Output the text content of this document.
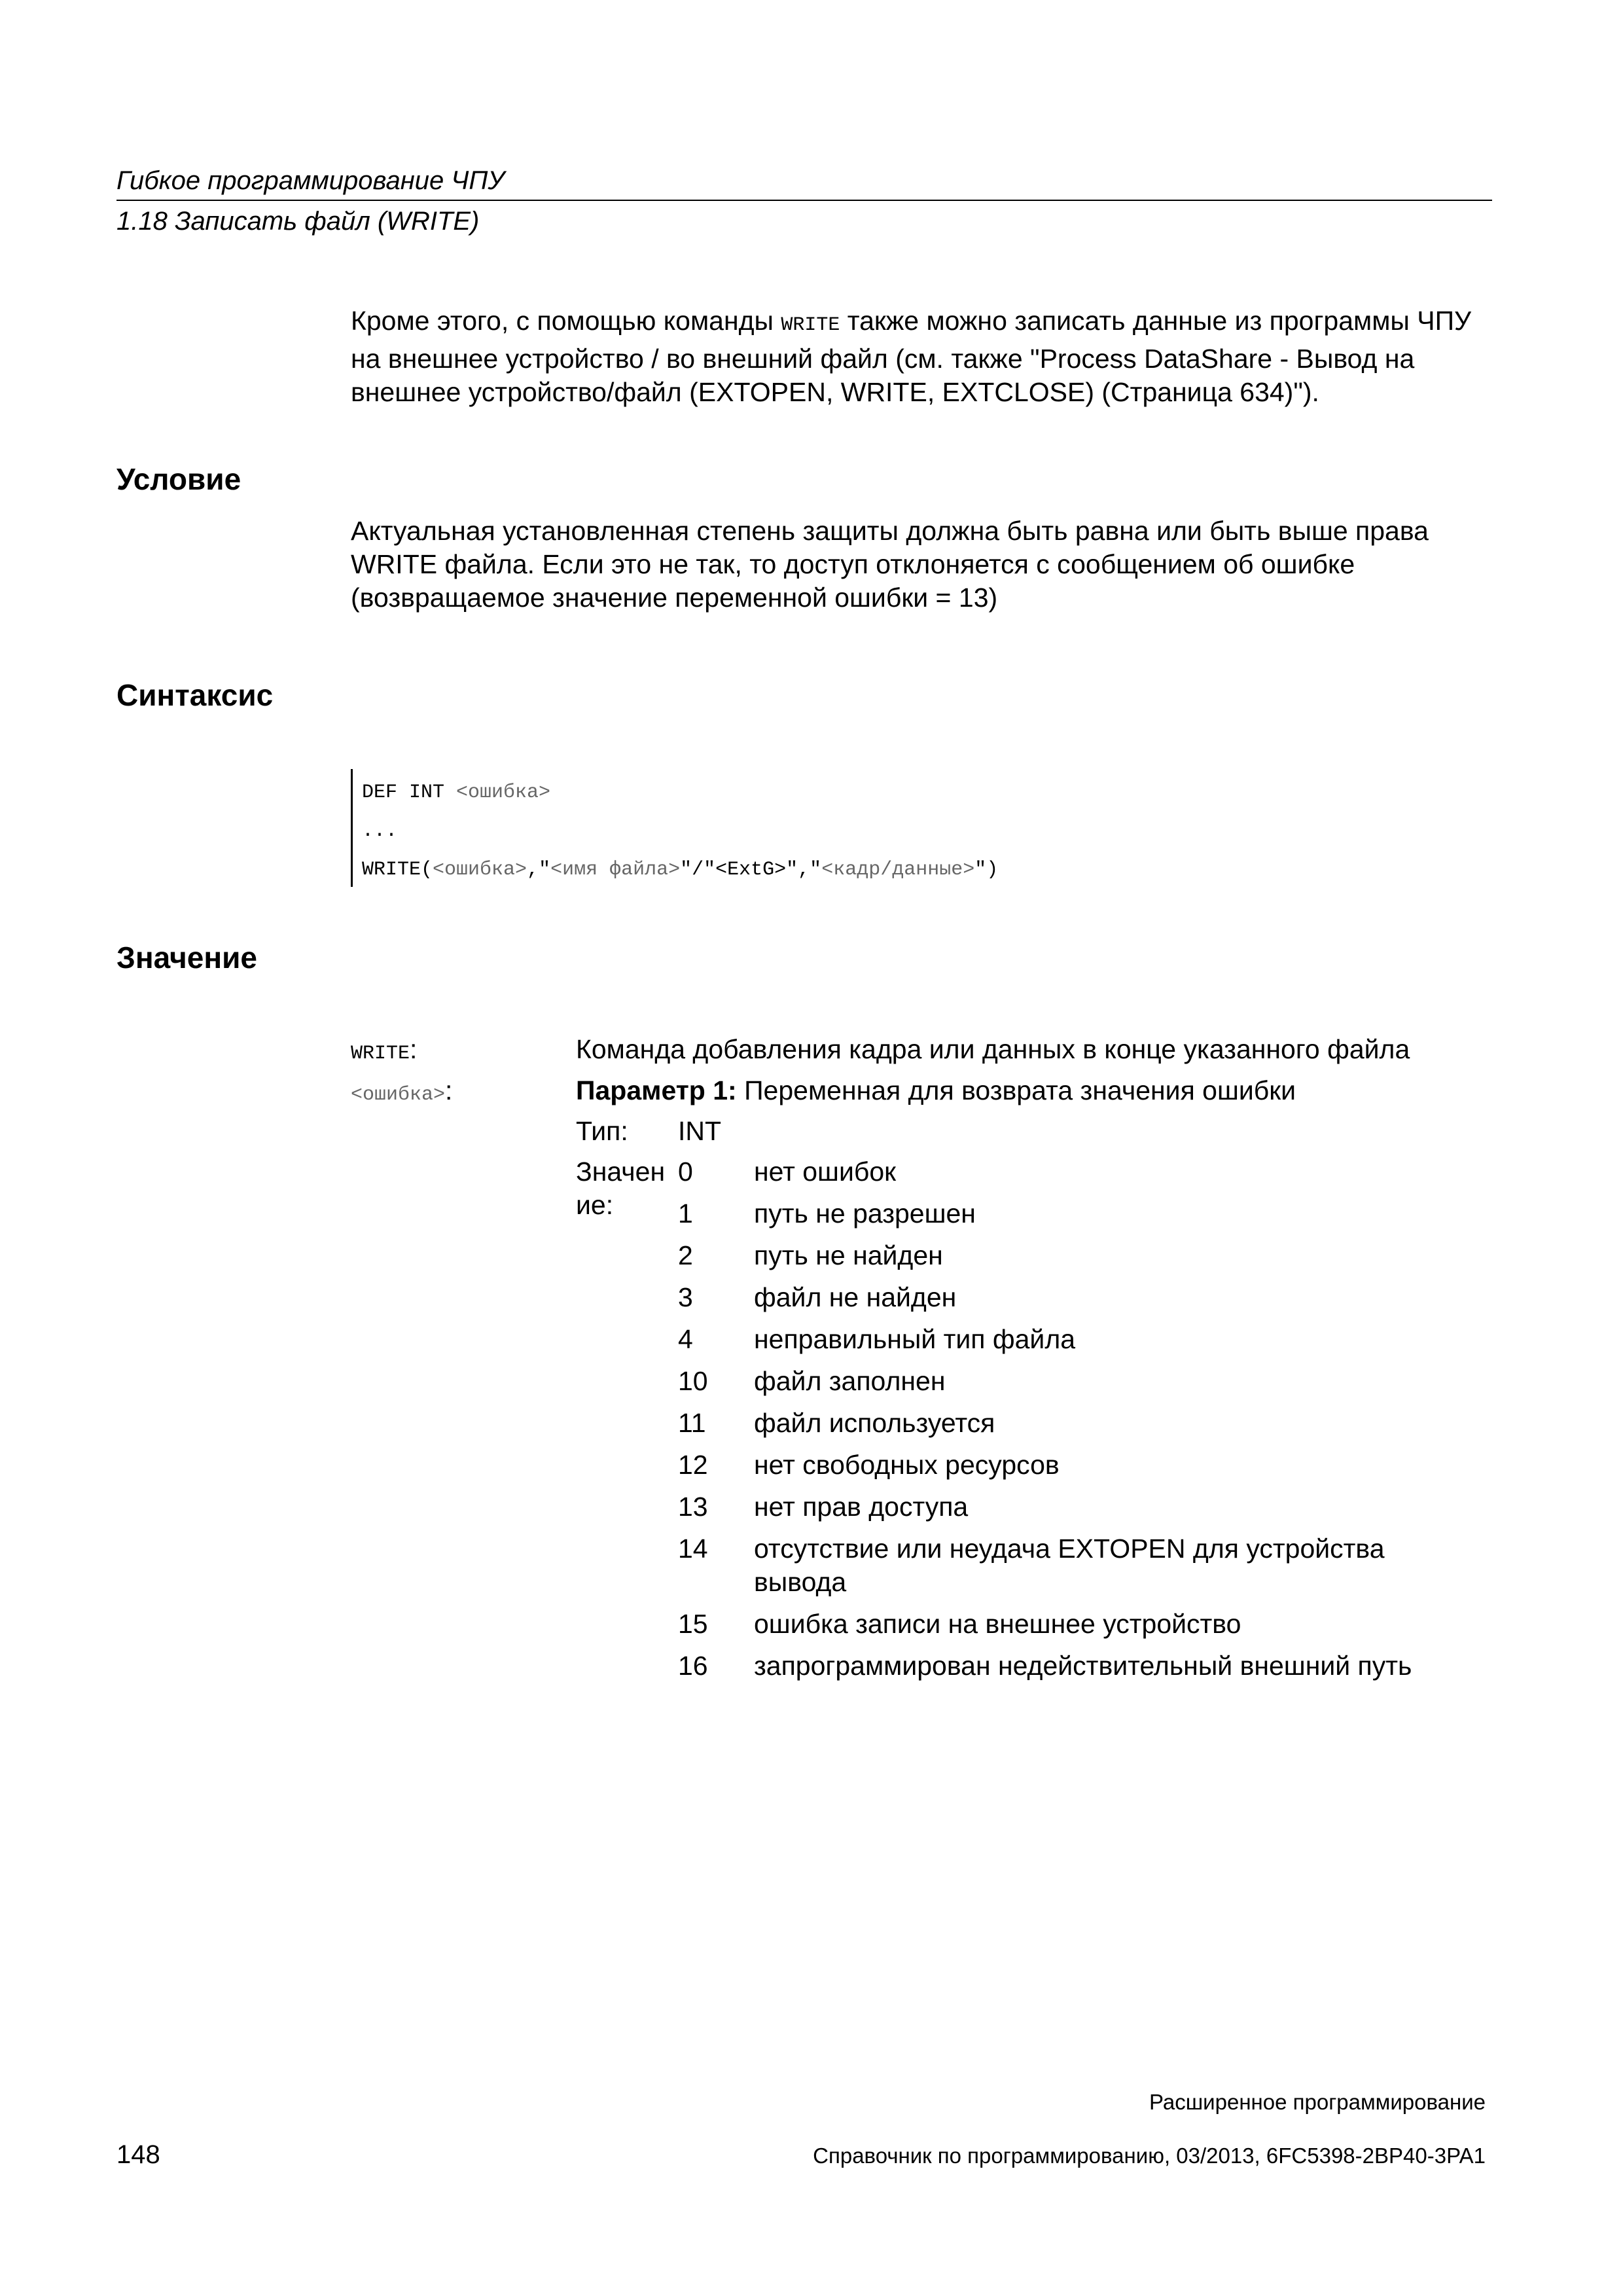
Гибкое программирование ЧПУ
1.18 Записать файл (WRITE)
Кроме этого, с помощью команды WRITE также можно записать данные из программы ЧПУ на внешнее устройство / во внешний файл (см. также "Process DataShare - Вывод на внешнее устройство/файл (EXTOPEN, WRITE, EXTCLOSE) (Страница 634)").
Условие
Актуальная установленная степень защиты должна быть равна или быть выше права WRITE файла. Если это не так, то доступ отклоняется с сообщением об ошибке (возвращаемое значение переменной ошибки = 13)
Синтаксис
DEF INT <ошибка>
...
WRITE(<ошибка>,"<имя файла>"/"<ExtG>","<кадр/данные>")
Значение
WRITE:	Команда добавления кадра или данных в конце указанного файла
<ошибка>:	Параметр 1: Переменная для возврата значения ошибки
Тип: INT
Значен
ие:
0	нет ошибок
1	путь не разрешен
2	путь не найден
3	файл не найден
4	неправильный тип файла
10	файл заполнен
11	файл используется
12	нет свободных ресурсов
13	нет прав доступа
14	отсутствие или неудача EXTOPEN для устройства вывода
15	ошибка записи на внешнее устройство
16	запрограммирован недействительный внешний путь
Расширенное программирование
148	Справочник по программированию, 03/2013, 6FC5398-2BP40-3PA1
